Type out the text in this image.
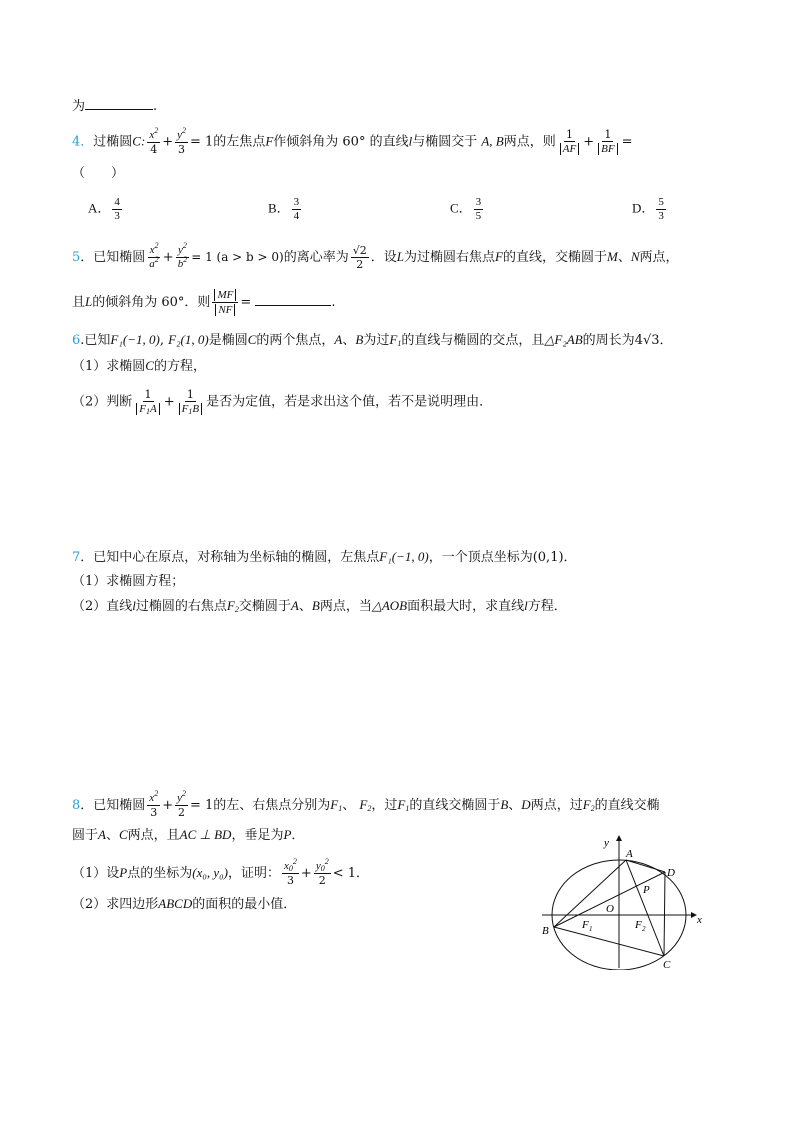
为	.
4．过椭圆C: $\frac{x^2}{4} + \frac{y^2}{3} = 1$的左焦点F作倾斜角为 60° 的直线l与椭圆交于 A, B两点，则 $\frac{1}{AF} + \frac{1}{BF}$ =
（　　）
A． $\frac{4}{3}$	B． $\frac{3}{4}$	C． $\frac{3}{5}$	D． $\frac{5}{3}$
5．已知椭圆 $\frac{x^2}{a^2} + \frac{y^2}{b^2} = 1$ (a > b > 0)的离心率为 $\frac{√2}{2}$ ．设L为过椭圆右焦点F的直线，交椭圆于M、N两点，
且L的倾斜角为 60°．则 $\frac{MF}{NF}$ =	.
6.已知F₁(−1, 0), F₂(1, 0)是椭圆C的两个焦点，A、B为过$F_1$的直线与椭圆的交点，且△F₂AB的周长为4√3．
（1）求椭圆C的方程，
（2）判断 $\frac{1}{F_1A} + \frac{1}{F_1B}$ 是否为定值，若是求出这个值，若不是说明理由．
7．已知中心在原点，对称轴为坐标轴的椭圆，左焦点F₁(−1, 0)，一个顶点坐标为(0,1)．
（1）求椭圆方程；
（2）直线l过椭圆的右焦点$F_2$交椭圆于A、B两点，当△AOB面积最大时，求直线l方程．
8．已知椭圆 $\frac{x^2}{3} + \frac{y^2}{2} = 1$的左、右焦点分别为$F_1$、 $F_2$，过$F_1$的直线交椭圆于B、D两点，过$F_2$的直线交椭
圆于A、C两点，且AC ⊥ BD，垂足为P．
（1）设P点的坐标为(x₀, y₀)，证明： $\frac{x_0^2}{3} + \frac{y_0^2}{2} < 1$．
（2）求四边形ABCD的面积的最小值．
y
x
A
D
P
O
F 1	F 2
B
C
